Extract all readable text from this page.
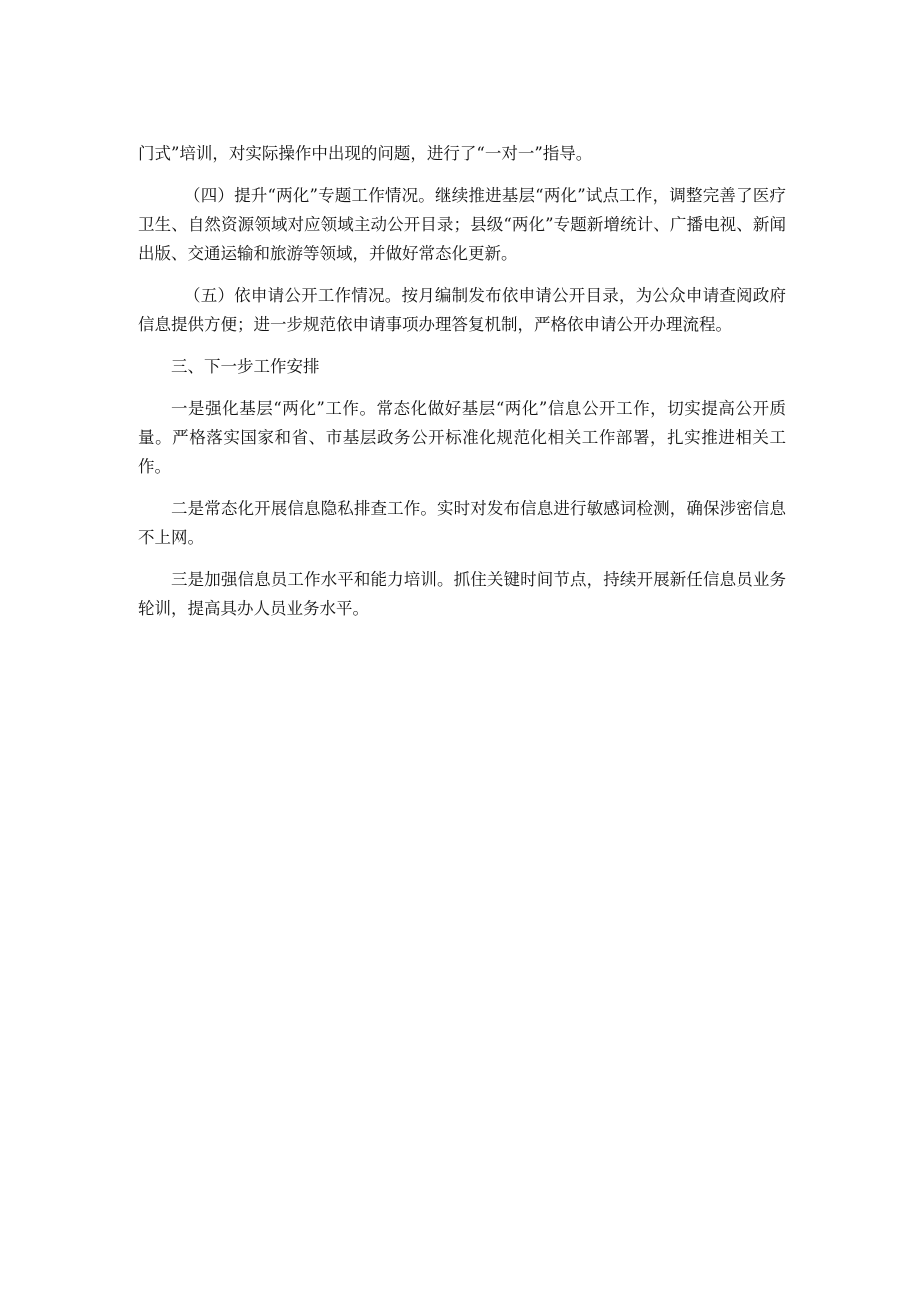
门式”培训，对实际操作中出现的问题，进行了“一对一”指导。

（四）提升“两化”专题工作情况。继续推进基层“两化”试点工作，调整完善了医疗卫生、自然资源领域对应领域主动公开目录；县级“两化”专题新增统计、广播电视、新闻出版、交通运输和旅游等领域，并做好常态化更新。

（五）依申请公开工作情况。按月编制发布依申请公开目录，为公众申请查阅政府信息提供方便；进一步规范依申请事项办理答复机制，严格依申请公开办理流程。

三、下一步工作安排

一是强化基层“两化”工作。常态化做好基层“两化”信息公开工作，切实提高公开质量。严格落实国家和省、市基层政务公开标准化规范化相关工作部署，扎实推进相关工作。

二是常态化开展信息隐私排查工作。实时对发布信息进行敏感词检测，确保涉密信息不上网。

三是加强信息员工作水平和能力培训。抓住关键时间节点，持续开展新任信息员业务轮训，提高具办人员业务水平。
